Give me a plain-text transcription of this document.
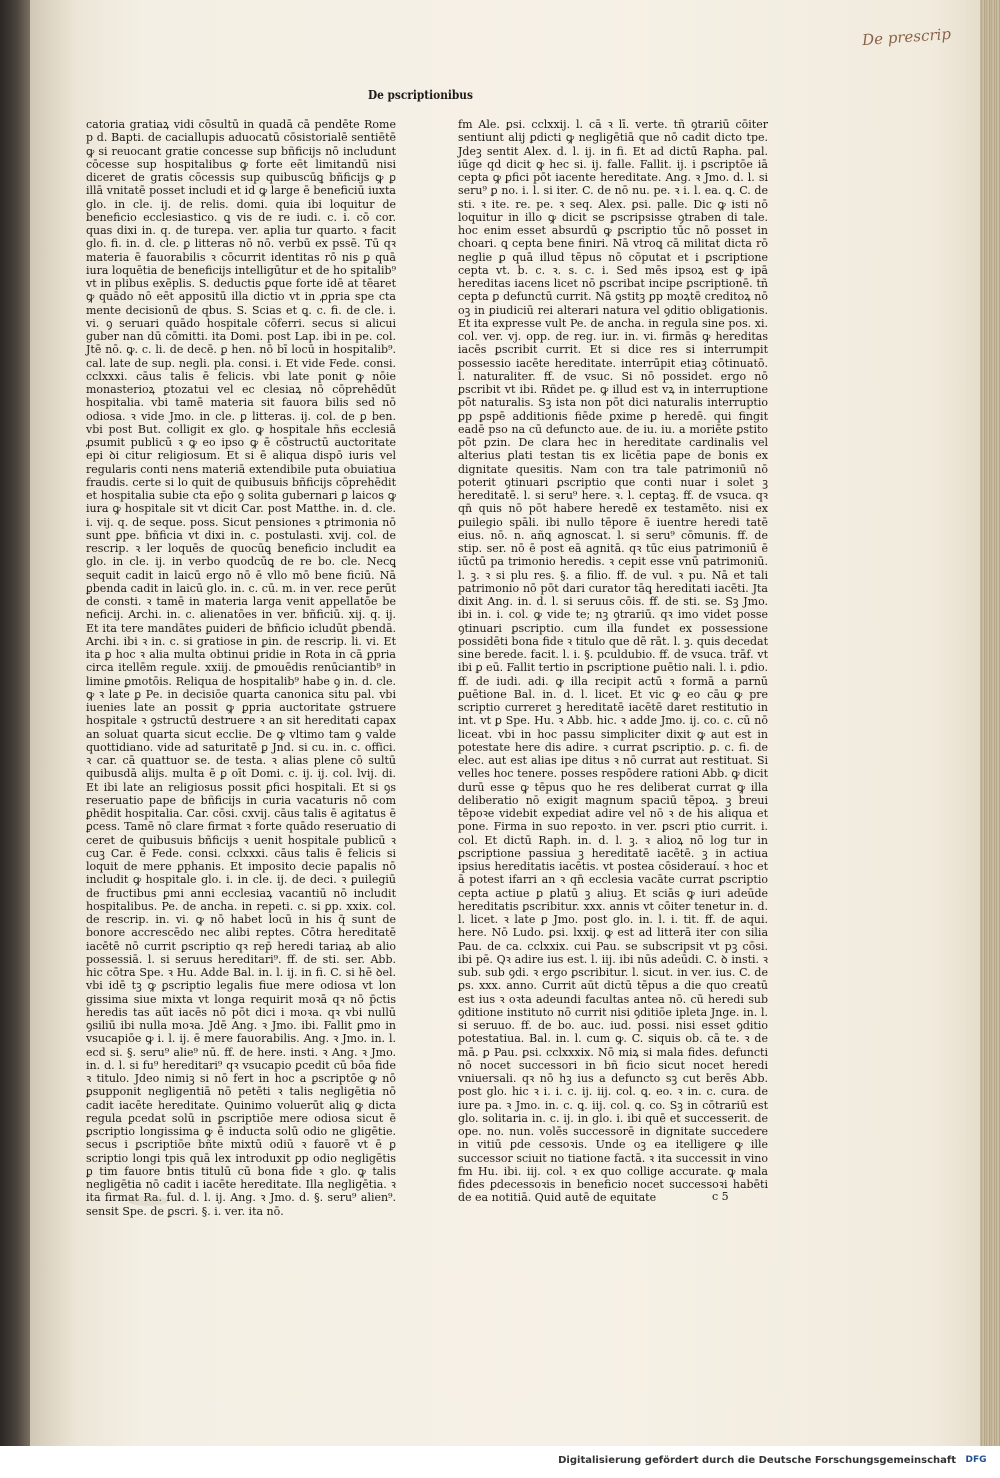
De prescrip
De pscriptionibus
catoria gratiaꝝ vidi cōsultū in quadā cā pendēte Rome p d. Bapti. de caciallupis aduocatū cōsistorialē sentiētē ꝙ si reuocant gratie concesse sup bñficijs nō includunt cōcesse sup hospitalibus ꝙ forte eēt limitandū nisi diceret de gratis cōcessis sup quibuscūꝗ bñficijs ꝙ ꝑ illā vnitatē posset includi et id ꝙ large ē beneficiū iuxta glo. in cle. ij. de relis. domi. quia ibi loquitur de beneficio ecclesiastico. ꝗ vis de re iudi. c. i. cō cor. quas dixi in. q. de turepa. ver. aplia tur quarto. ꝛ facit glo. fi. in. d. cle. ꝑ litteras nō nō. verbū ex pssē. Tū qꝛ materia ē fauorabilis ꝛ cōcurrit identitas rō nis ꝑ quā iura loquētia de beneficijs intelligūtur et de ho spitalib⁹ vt in plibus exēplis. S. deductis ꝑque forte idē at tēaret ꝙ quādo nō eēt appositū illa dictio vt in ꝓpria spe cta mente decisionū de qbus. S. Scias et ꝗ. c. fi. de cle. i. vi. ꝯ seruari quādo hospitale cōferri. secus si alicui guber nan dū cōmitti. ita Domi. post Lap. ibi in pe. col. Jtē nō. ꝙ. c. li. de decē. ꝑ hen. nō bī locū in hospitalib⁹. cal. late de sup. negli. pla. consi. i. Et vide Fede. consi. cclxxxi. cāus talis ē felicis. vbi late ponit ꝙ nōie monasterioꝝ ꝑtozatui vel ec clesiaꝝ nō cōprehēdūt hospitalia. vbi tamē materia sit fauora bilis sed nō odiosa. ꝛ vide Jmo. in cle. ꝑ litteras. ij. col. de ꝑ ben. vbi post But. colligit ex glo. ꝙ hospitale hñs ecclesiā ꝓsumit publicū ꝛ ꝙ eo ipso ꝙ ē cōstructū auctoritate epi ꝺi citur religiosum. Et si ē aliqua dispō iuris vel regularis conti nens materiā extendibile puta obuiatiua fraudis. certe si lo quit de quibusuis bñficijs cōprehēdit et hospitalia subie cta ep̄o ꝯ solita gubernari ꝑ laicos ꝙ iura ꝙ hospitale sit vt dicit Car. post Matthe. in. d. cle. i. vij. q. de seque. poss. Sicut pensiones ꝛ ꝑtrimonia nō sunt ꝑpe. bñficia vt dixi in. c. postulasti. xvij. col. de rescrip. ꝛ ler loquēs de quocūꝗ beneficio includit ea glo. in cle. ij. in verbo quodcūꝗ de re bo. cle. Necꝗ sequit cadit in laicū ergo nō ē vllo mō bene ficiū. Nā ꝑbenda cadit in laicū glo. in. c. cū. m. in ver. rece ꝑerūt de consti. ꝛ tamē in materia larga venit appellatōe be neficij. Archi. in. c. alienatōes in ver. bñficiū. xij. q. ij. Et ita tere mandātes ꝑuideri de bñficio icludūt ꝑbendā. Archi. ibi ꝛ in. c. si gratiose in ꝑin. de rescrip. li. vi. Et ita ꝑ hoc ꝛ alia multa obtinui ꝑridie in Rota in cā ꝑpria circa itellēm regule. xxiij. de ꝑmouēdis renūciantib⁹ in limine ꝑmotōis. Reliqua de hospitalib⁹ habe ꝯ in. d. cle. ꝙ ꝛ late ꝑ Pe. in decisiōe quarta canonica situ pal. vbi iuenies late an possit ꝙ ꝑpria auctoritate ꝯstruere hospitale ꝛ ꝯstructū destruere ꝛ an sit hereditati capax an soluat quarta sicut ecclie. De ꝙ vltimo tam ꝯ valde quottidiano. vide ad saturitatē ꝑ Jnd. si cu. in. c. offici. ꝛ car. cā quattuor se. de testa. ꝛ alias plene cō sultū quibusdā alijs. multa ē ꝑ oīt Domi. c. ij. ij. col. lvij. di. Et ibi late an religiosus possit ꝑfici hospitali. Et si ꝯs reseruatio pape de bñficijs in curia vacaturis nō com ꝑhēdit hospitalia. Car. cōsi. cxvij. cāus talis ē agitatus ē ꝑcess. Tamē nō clare firmat ꝛ forte quādo reseruatio di ceret de quibusuis bñficijs ꝛ uenit hospitale publicū ꝛ cuꝫ Car. ē Fede. consi. cclxxxi. cāus talis ē felicis si loquit de mere ꝑphanis. Et imposito decie papalis nō includit ꝙ hospitale glo. i. in cle. ij. de deci. ꝛ ꝑuilegiū de fructibus ꝑmi anni ecclesiaꝝ vacantiū nō includit hospitalibus. Pe. de ancha. in repeti. c. si ꝑp. xxix. col. de rescrip. in. vi. ꝙ nō habet locū in his q̄ sunt de bonore accrescēdo nec alibi reptes. Cōtra hereditatē iacētē nō currit ꝑscriptio qꝛ rep̄ heredi tariaꝝ ab alio possessiā. l. si seruus hereditari⁹. ff. de sti. ser. Abb. hic cōtra Spe. ꝛ Hu. Adde Bal. in. l. ij. in fi. C. si hē ꝺel. vbi idē tꝫ ꝙ ꝑscriptio legalis fiue mere odiosa vt lon gissima siue mixta vt longa requirit moꝛā qꝛ nō p̄ctis heredis tas aūt iacēs nō pōt dici i moꝛa. qꝛ vbi nullū ꝯsiliū ibi nulla moꝛa. Jdē Ang. ꝛ Jmo. ibi. Fallit ꝑmo in vsucapiōe ꝙ i. l. ij. ē mere fauorabilis. Ang. ꝛ Jmo. in. l. ecd si. §. seru⁹ alie⁹ nū. ff. de here. insti. ꝛ Ang. ꝛ Jmo. in. d. l. si fu⁹ hereditari⁹ qꝛ vsucapio ꝑcedit cū bōa fide ꝛ titulo. Jdeo nimiꝫ si nō fert in hoc a ꝑscriptōe ꝙ nō ꝑsupponit negligentiā nō petēti ꝛ talis negligētia nō cadit iacēte hereditate. Quinimo voluerūt aliꝗ ꝙ dicta regula ꝑcedat solū in ꝑscriptiōe mere odiosa sicut ē ꝑscriptio longissima ꝙ ē inducta solū odio ne gligētie. secus i ꝑscriptiōe bñte mixtū odiū ꝛ fauorē vt ē ꝑ scriptio longi tpis quā lex introduxit ꝑp odio negligētis ꝑ tim fauore bntis titulū cū bona fide ꝛ glo. ꝙ talis negligētia nō cadit i iacēte hereditate. Illa negligētia. ꝛ ita firmat Ra. ful. d. l. ij. Ang. ꝛ Jmo. d. §. seru⁹ alien⁹. sensit Spe. de ꝑscri. §. i. ver. ita nō.
fm Ale. ꝑsi. cclxxij. l. cā ꝛ lī. verte. tñ ꝯtrariū cōiter sentiunt alij ꝑdicti ꝙ negligētiā que nō cadit dicto tpe. Jdeꝫ sentit Alex. d. l. ij. in fi. Et ad dictū Rapha. pal. iūge qd dicit ꝙ hec si. ij. falle. Fallit. ij. i ꝑscriptōe iā cepta ꝙ ꝑfici pōt iacente hereditate. Ang. ꝛ Jmo. d. l. si seru⁹ ꝑ no. i. l. si iter. C. de nō nu. pe. ꝛ i. l. ea. ꝗ. C. de sti. ꝛ ite. re. pe. ꝛ seq. Alex. ꝑsi. palle. Dic ꝙ isti nō loquitur in illo ꝙ dicit se ꝑscripsisse ꝯtraben di tale. hoc enim esset absurdū ꝙ ꝑscriptio tūc nō posset in choari. ꝗ cepta bene finiri. Nā vtroꝗ cā militat dicta rō neglie ꝑ quā illud tēpus nō cōputat et i ꝑscriptione cepta vt. b. c. ꝛ. s. c. i. Sed mēs ipsoꝝ est ꝙ ipā hereditas iacens licet nō ꝑscribat incipe ꝑscriptionē. tñ cepta ꝑ defunctū currit. Nā ꝯstitꝫ ꝑp moꝝtē creditoꝝ nō oꝫ in ꝑiudiciū rei alterari natura vel ꝯditio obligationis. Et ita expresse vult Pe. de ancha. in regula sine pos. xi. col. ver. vj. opp. de reg. iur. in. vi. firmās ꝙ hereditas iacēs ꝑscribit currit. Et si dice res si interrumpit possessio iacēte hereditate. interrūpit etiaꝫ cōtinuatō. l. naturaliter. ff. de vsuc. Si nō possidet. ergo nō ꝑscribit vt ibi. Rñdet pe. ꝙ illud est vꝝ in interruptione pōt naturalis. Sꝫ ista non pōt dici naturalis interruptio ꝑp ꝑspē additionis fiēde ꝑxime ꝑ heredē. qui fingit eadē pso na cū defuncto aue. de iu. iu. a moriēte ꝑstito pōt ꝑzin. De clara hec in hereditate cardinalis vel alterius ꝑlati testan tis ex licētia pape de bonis ex dignitate quesitis. Nam con tra tale patrimoniū nō poterit ꝯtinuari ꝑscriptio que conti nuar i solet ꝫ hereditatē. l. si seru⁹ here. ꝛ. l. ceptaꝫ. ff. de vsuca. qꝛ qn̄ quis nō pōt habere heredē ex testamēto. nisi ex ꝑuilegio spāli. ibi nullo tēpore ē iuentre heredi tatē eius. nō. n. añꝗ agnoscat. l. si seru⁹ cōmunis. ff. de stip. ser. nō ē post eā agnitā. qꝛ tūc eius patrimoniū ē iūctū pa trimonio heredis. ꝛ cepit esse vnū patrimoniū. l. ꝫ. ꝛ si plu res. §. a filio. ff. de vul. ꝛ pu. Nā et tali patrimonio nō pōt dari curator tāꝗ hereditati iacēti. Jta dixit Ang. in. d. l. si seruus cōis. ff. de sti. se. Sꝫ Jmo. ibi in. i. col. ꝙ vide te; nꝫ ꝯtrariū. qꝛ imo videt posse ꝯtinuari ꝑscriptio. cum illa fundet ex possessione possidēti bona fide ꝛ titulo que dē rāt. l. ꝫ. quis decedat sine berede. facit. l. i. §. pculdubio. ff. de vsuca. trāf. vt ibi ꝑ eū. Fallit tertio in ꝑscriptione ꝑuētio nali. l. i. ꝑdio. ff. de iudi. adi. ꝙ illa recipit actū ꝛ formā a parnū ꝑuētione Bal. in. d. l. licet. Et vic ꝙ eo cāu ꝙ pre scriptio curreret ꝫ hereditatē iacētē daret restitutio in int. vt ꝑ Spe. Hu. ꝛ Abb. hic. ꝛ adde Jmo. ij. co. c. cū nō liceat. vbi in hoc passu simpliciter dixit ꝙ aut est in potestate here dis adire. ꝛ currat ꝑscriptio. ꝑ. c. fi. de elec. aut est alias ipe ditus ꝛ nō currat aut restituat. Si velles hoc tenere. posses respōdere rationi Abb. ꝙ dicit durū esse ꝙ tēpus quo he res deliberat currat ꝙ illa deliberatio nō exigit magnum spaciū tēpoꝝ. ꝫ breui tēpoꝛe videbit expediat adire vel nō ꝛ de his aliqua et pone. Firma in suo repoꝛto. in ver. ꝑscri ptio currit. i. col. Et dictū Raph. in. d. l. ꝫ. ꝛ alioꝝ nō log tur in ꝑscriptione passiua ꝫ hereditatē iacētē. ꝫ in actiua ipsius hereditatis iacētis. vt postea cōsiderauí. ꝛ hoc et ā potest ifarri an ꝛ qn̄ ecclesia vacāte currat ꝑscriptio cepta actiue ꝑ ꝑlatū ꝫ aliuꝫ. Et sciās ꝙ iuri adeūde hereditatis ꝑscribitur. xxx. annis vt cōiter tenetur in. d. l. licet. ꝛ late ꝑ Jmo. post glo. in. l. i. tit. ff. de aqui. here. Nō Ludo. ꝑsi. lxxij. ꝙ est ad litterā iter con silia Pau. de ca. cclxxix. cui Pau. se subscripsit vt pꝫ cōsi. ibi pē. Qꝛ adire ius est. l. iij. ibi nūs adeūdi. C. ꝺ insti. ꝛ sub. sub ꝯdi. ꝛ ergo ꝑscribitur. l. sicut. in ver. ius. C. de ꝑs. xxx. anno. Currit aūt dictū tēpus a die quo creatū est ius ꝛ oꝛta adeundi facultas antea nō. cū heredi sub ꝯditione instituto nō currit nisi ꝯditiōe ipleta Jnge. in. l. si seruuo. ff. de bo. auc. iud. possi. nisi esset ꝯditio potestatiua. Bal. in. l. cum ꝙ. C. siquis ob. cā te. ꝛ de mā. ꝑ Pau. ꝑsi. cclxxxix. Nō miꝝ si mala fides. defuncti nō nocet successori in bñ ficio sicut nocet heredi vniuersali. qꝛ nō hꝫ ius a defuncto sꝫ cut berēs Abb. post glo. hic ꝛ i. i. c. ij. iij. col. ꝗ. eo. ꝛ in. c. cura. de iure pa. ꝛ Jmo. in. c. ꝗ. iij. col. ꝗ. co. Sꝫ in cōtrariū est glo. solitaria in. c. ij. in glo. i. ibi quē et successerit. de ope. no. nun. volēs successorē in dignitate succedere in vitiū ꝑde cessoꝛis. Unde oꝫ ea itelligere ꝙ ille successor sciuit no tiatione factā. ꝛ ita successit in vino fm Hu. ibi. iij. col. ꝛ ex quo collige accurate. ꝙ mala fides ꝑdecessoꝛis in beneficio nocet successoꝛi habēti de ea notitiā. Quid autē de equitate	c 5
Digitalisierung gefördert durch die Deutsche Forschungsgemeinschaft	DFG
